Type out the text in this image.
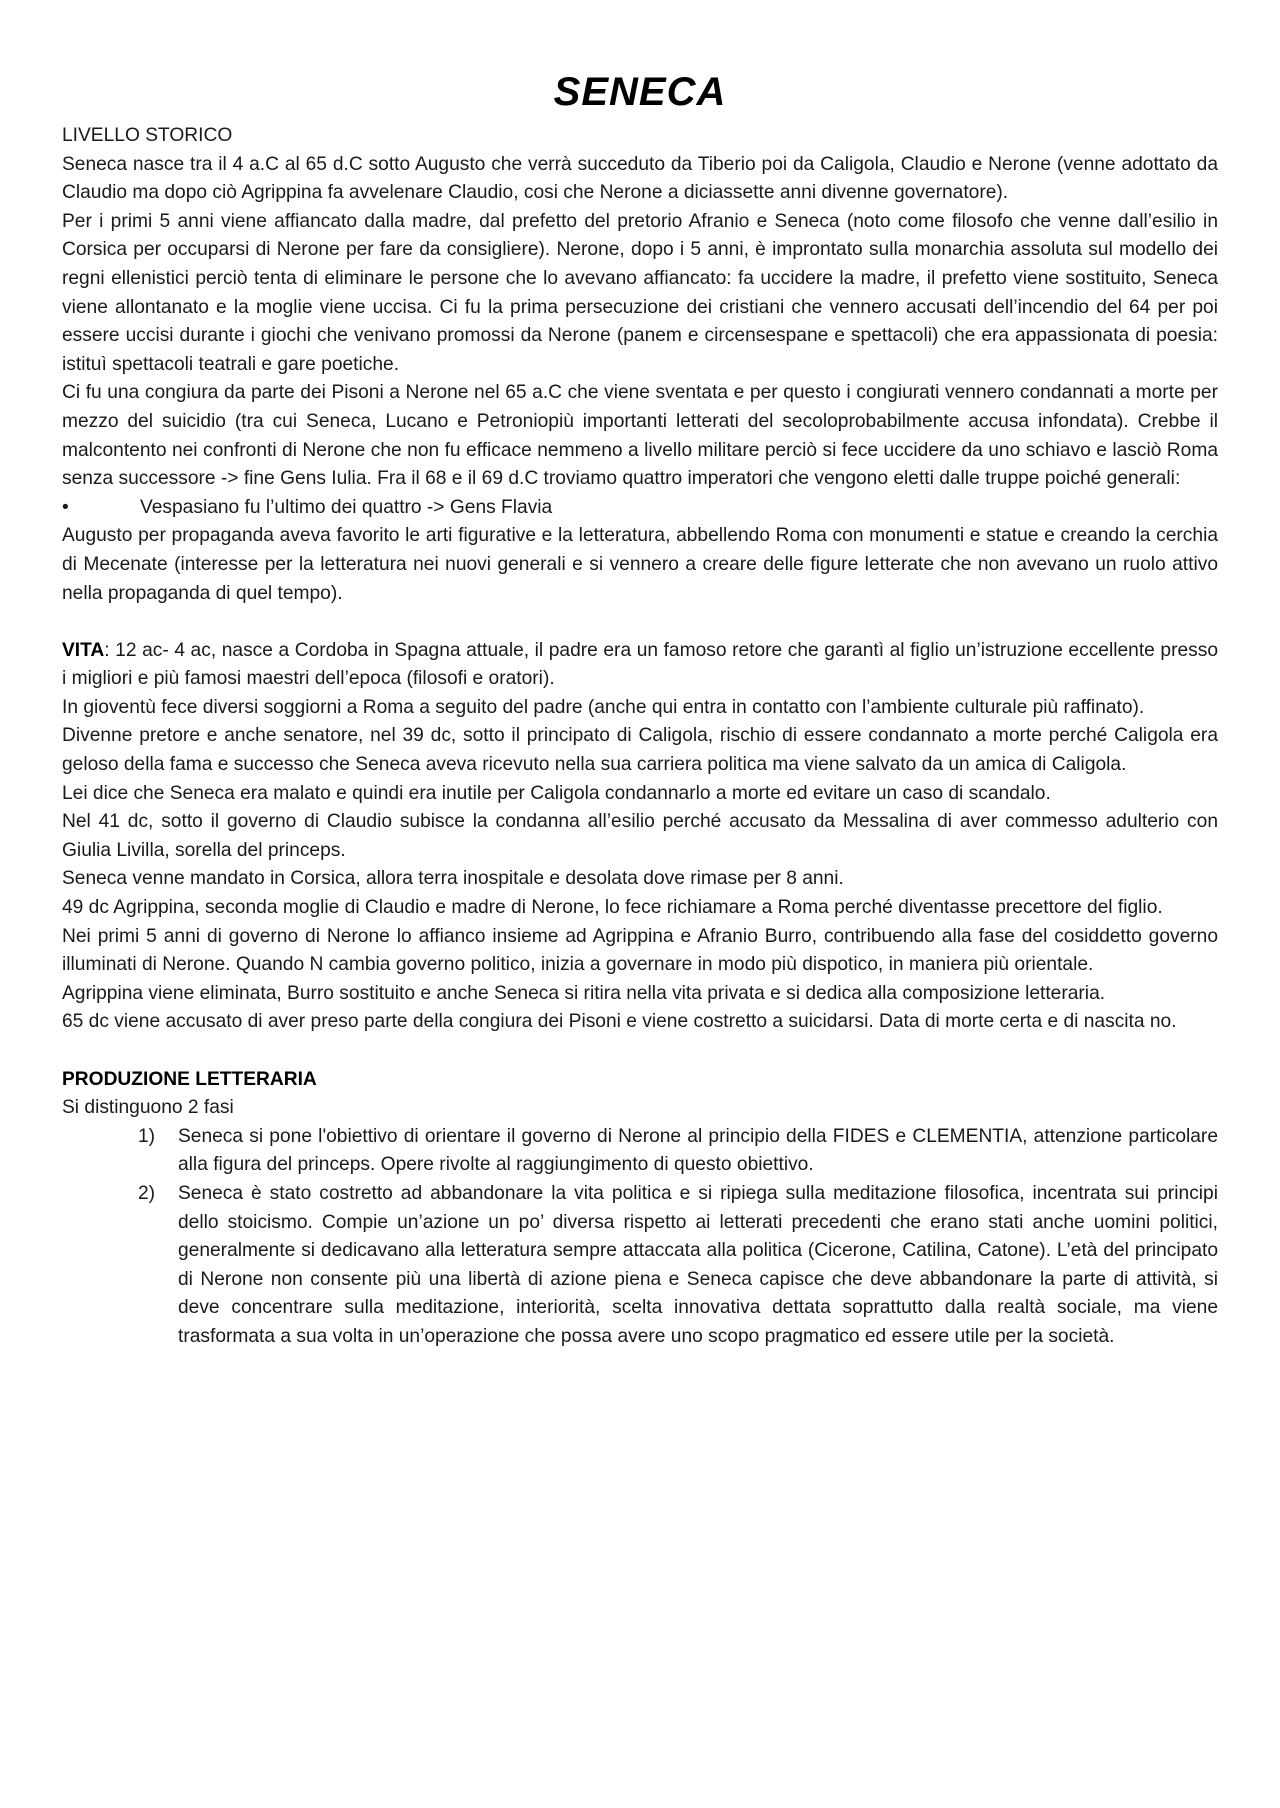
SENECA

LIVELLO STORICO

Seneca nasce tra il 4 a.C al 65 d.C sotto Augusto che verrà succeduto da Tiberio poi da Caligola, Claudio e Nerone (venne adottato da Claudio ma dopo ciò Agrippina fa avvelenare Claudio, cosi che Nerone a diciassette anni divenne governatore).

Per i primi 5 anni viene affiancato dalla madre, dal prefetto del pretorio Afranio e Seneca (noto come filosofo che venne dall’esilio in Corsica per occuparsi di Nerone per fare da consigliere). Nerone, dopo i 5 anni, è improntato sulla monarchia assoluta sul modello dei regni ellenistici perciò tenta di eliminare le persone che lo avevano affiancato: fa uccidere la madre, il prefetto viene sostituito, Seneca viene allontanato e la moglie viene uccisa. Ci fu la prima persecuzione dei cristiani che vennero accusati dell’incendio del 64 per poi essere uccisi durante i giochi che venivano promossi da Nerone (panem e circensespane e spettacoli) che era appassionata di poesia: istituì spettacoli teatrali e gare poetiche.

Ci fu una congiura da parte dei Pisoni a Nerone nel 65 a.C che viene sventata e per questo i congiurati vennero condannati a morte per mezzo del suicidio (tra cui Seneca, Lucano e Petroniopiù importanti letterati del secoloprobabilmente accusa infondata). Crebbe il malcontento nei confronti di Nerone che non fu efficace nemmeno a livello militare perciò si fece uccidere da uno schiavo e lasciò Roma senza successore -> fine Gens Iulia. Fra il 68 e il 69 d.C troviamo quattro imperatori che vengono eletti dalle truppe poiché generali:

•	Vespasiano fu l’ultimo dei quattro -> Gens Flavia

Augusto per propaganda aveva favorito le arti figurative e la letteratura, abbellendo Roma con monumenti e statue e creando la cerchia di Mecenate (interesse per la letteratura nei nuovi generali e si vennero a creare delle figure letterate che non avevano un ruolo attivo nella propaganda di quel tempo).

VITA: 12 ac- 4 ac, nasce a Cordoba in Spagna attuale, il padre era un famoso retore che garantì al figlio un’istruzione eccellente presso i migliori e più famosi maestri dell’epoca (filosofi e oratori).

In gioventù fece diversi soggiorni a Roma a seguito del padre (anche qui entra in contatto con l’ambiente culturale più raffinato).

Divenne pretore e anche senatore, nel 39 dc, sotto il principato di Caligola, rischio di essere condannato a morte perché Caligola era geloso della fama e successo che Seneca aveva ricevuto nella sua carriera politica ma viene salvato da un amica di Caligola.

Lei dice che Seneca era malato e quindi era inutile per Caligola condannarlo a morte ed evitare un caso di scandalo.

Nel 41 dc, sotto il governo di Claudio subisce la condanna all’esilio perché accusato da Messalina di aver commesso adulterio con Giulia Livilla, sorella del princeps.

Seneca venne mandato in Corsica, allora terra inospitale e desolata dove rimase per 8 anni.

49 dc Agrippina, seconda moglie di Claudio e madre di Nerone, lo fece richiamare a Roma perché diventasse precettore del figlio.

Nei primi 5 anni di governo di Nerone lo affianco insieme ad Agrippina e Afranio Burro, contribuendo alla fase del cosiddetto governo illuminati di Nerone. Quando N cambia governo politico, inizia a governare in modo più dispotico, in maniera più orientale.

Agrippina viene eliminata, Burro sostituito e anche Seneca si ritira nella vita privata e si dedica alla composizione letteraria.

65 dc viene accusato di aver preso parte della congiura dei Pisoni e viene costretto a suicidarsi. Data di morte certa e di nascita no.

PRODUZIONE LETTERARIA

Si distinguono 2 fasi

1)	Seneca si pone l'obiettivo di orientare il governo di Nerone al principio della FIDES e CLEMENTIA, attenzione particolare alla figura del princeps. Opere rivolte al raggiungimento di questo obiettivo.
2)	Seneca è stato costretto ad abbandonare la vita politica e si ripiega sulla meditazione filosofica, incentrata sui principi dello stoicismo. Compie un’azione un po’ diversa rispetto ai letterati precedenti che erano stati anche uomini politici, generalmente si dedicavano alla letteratura sempre attaccata alla politica (Cicerone, Catilina, Catone). L’età del principato di Nerone non consente più una libertà di azione piena e Seneca capisce che deve abbandonare la parte di attività, si deve concentrare sulla meditazione, interiorità, scelta innovativa dettata soprattutto dalla realtà sociale, ma viene trasformata a sua volta in un’operazione che possa avere uno scopo pragmatico ed essere utile per la società.
